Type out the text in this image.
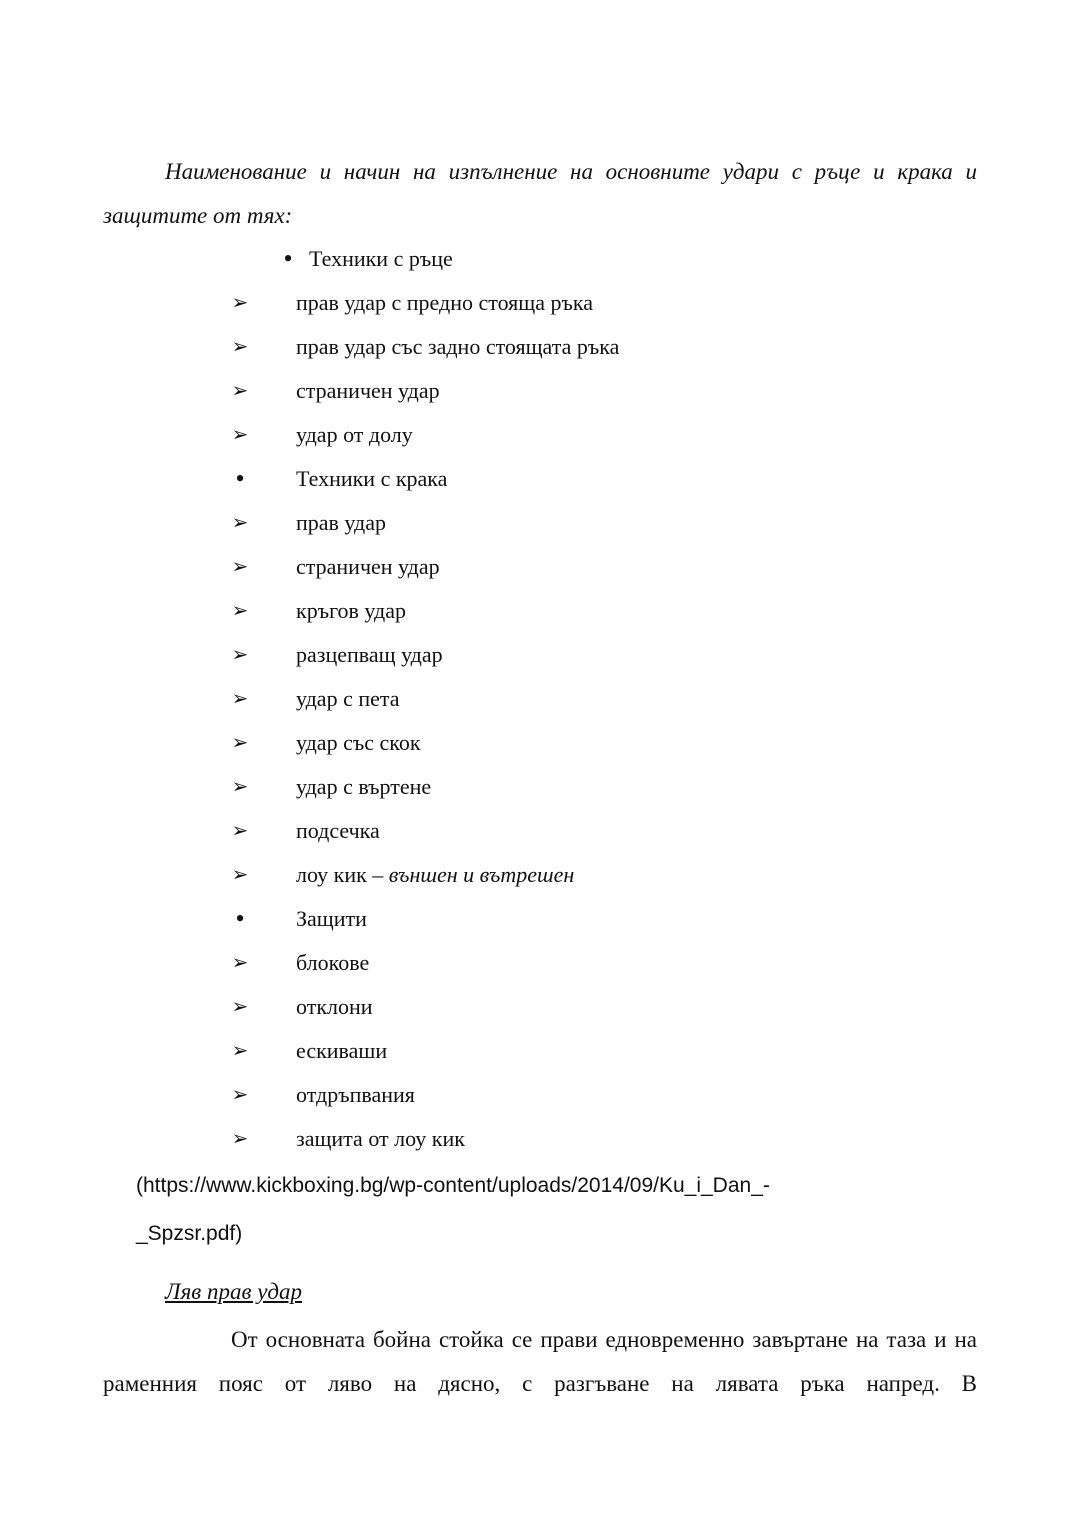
Наименование и начин на изпълнение на основните удари с ръце и крака и защитите от тях:

• Техники с ръце
➢ прав удар с предно стояща ръка
➢ прав удар със задно стоящата ръка
➢ страничен удар
➢ удар от долу
• Техники с крака
➢ прав удар
➢ страничен удар
➢ кръгов удар
➢ разцепващ удар
➢ удар с пета
➢ удар със скок
➢ удар с въртене
➢ подсечка
➢ лоу кик – външен и вътрешен
• Защити
➢ блокове
➢ отклони
➢ ескиваши
➢ отдръпвания
➢ защита от лоу кик
(https://www.kickboxing.bg/wp-content/uploads/2014/09/Ku_i_Dan_-
_Spzsr.pdf)

Ляв прав удар

От основната бойна стойка се прави едновременно завъртане на таза и на раменния пояс от ляво на дясно, с разгъване на лявата ръка напред. В
